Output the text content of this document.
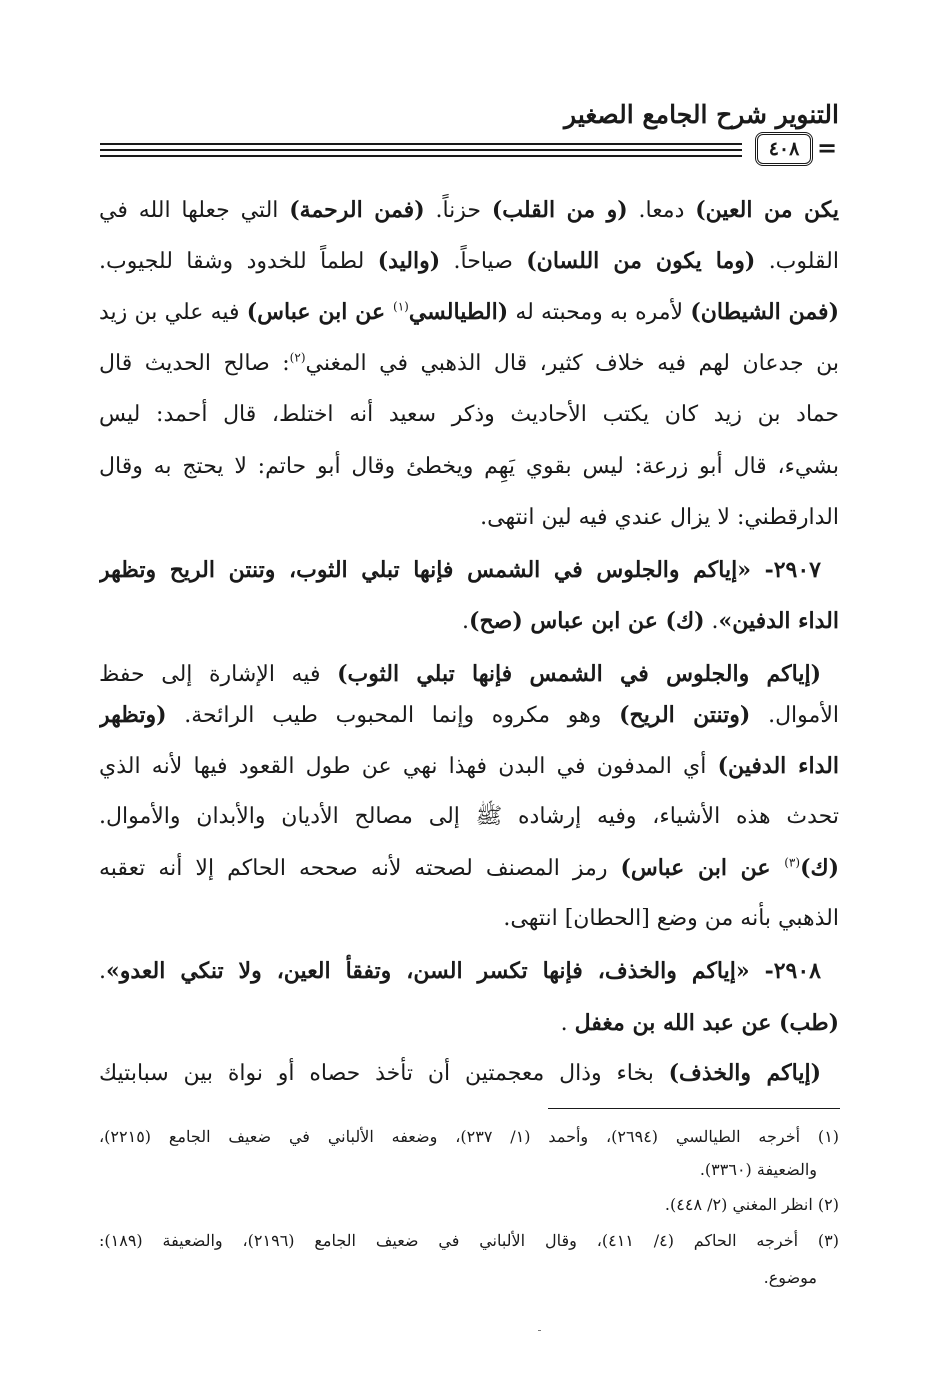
التنوير شرح الجامع الصغير
٤٠٨ =
يكن من العين) دمعا. (و من القلب) حزناً. (فمن الرحمة) التي جعلها الله في
القلوب. (وما يكون من اللسان) صياحاً. (واليد) لطماً للخدود وشقا للجيوب.
(فمن الشيطان) لأمره به ومحبته له (الطيالسي$^{(١)}$ عن ابن عباس) فيه علي بن زيد
بن جدعان لهم فيه خلاف كثير، قال الذهبي في المغني$^{(٢)}$: صالح الحديث قال
حماد بن زيد كان يكتب الأحاديث وذكر سعيد أنه اختلط، قال أحمد: ليس
بشيء، قال أبو زرعة: ليس بقوي يَهِم ويخطئ وقال أبو حاتم: لا يحتج به وقال
الدارقطني: لا يزال عندي فيه لين انتهى.
٢٩٠٧- «إياكم والجلوس في الشمس فإنها تبلي الثوب، وتنتن الريح وتظهر
الداء الدفين». (ك) عن ابن عباس (صح).
(إياكم والجلوس في الشمس فإنها تبلي الثوب) فيه الإشارة إلى حفظ
الأموال. (وتنتن الريح) وهو مكروه وإنما المحبوب طيب الرائحة. (وتظهر
الداء الدفين) أي المدفون في البدن فهذا نهي عن طول القعود فيها لأنه الذي
تحدث هذه الأشياء، وفيه إرشاده ﷺ إلى مصالح الأديان والأبدان والأموال.
(ك)$^{(٣)}$ عن ابن عباس) رمز المصنف لصحته لأنه صححه الحاكم إلا أنه تعقبه
الذهبي بأنه من وضع [الحطان] انتهى.
٢٩٠٨- «إياكم والخذف، فإنها تكسر السن، وتفقأ العين، ولا تنكي العدو».
(طب) عن عبد الله بن مغفل .
(إياكم والخذف) بخاء وذال معجمتين أن تأخذ حصاه أو نواة بين سبابتيك
(١) أخرجه الطيالسي (٢٦٩٤)، وأحمد (١/ ٢٣٧)، وضعفه الألباني في ضعيف الجامع (٢٢١٥)،
والضعيفة (٣٣٦٠).
(٢) انظر المغني (٢/ ٤٤٨).
(٣) أخرجه الحاكم (٤/ ٤١١)، وقال الألباني في ضعيف الجامع (٢١٩٦)، والضعيفة (١٨٩):
موضوع.
